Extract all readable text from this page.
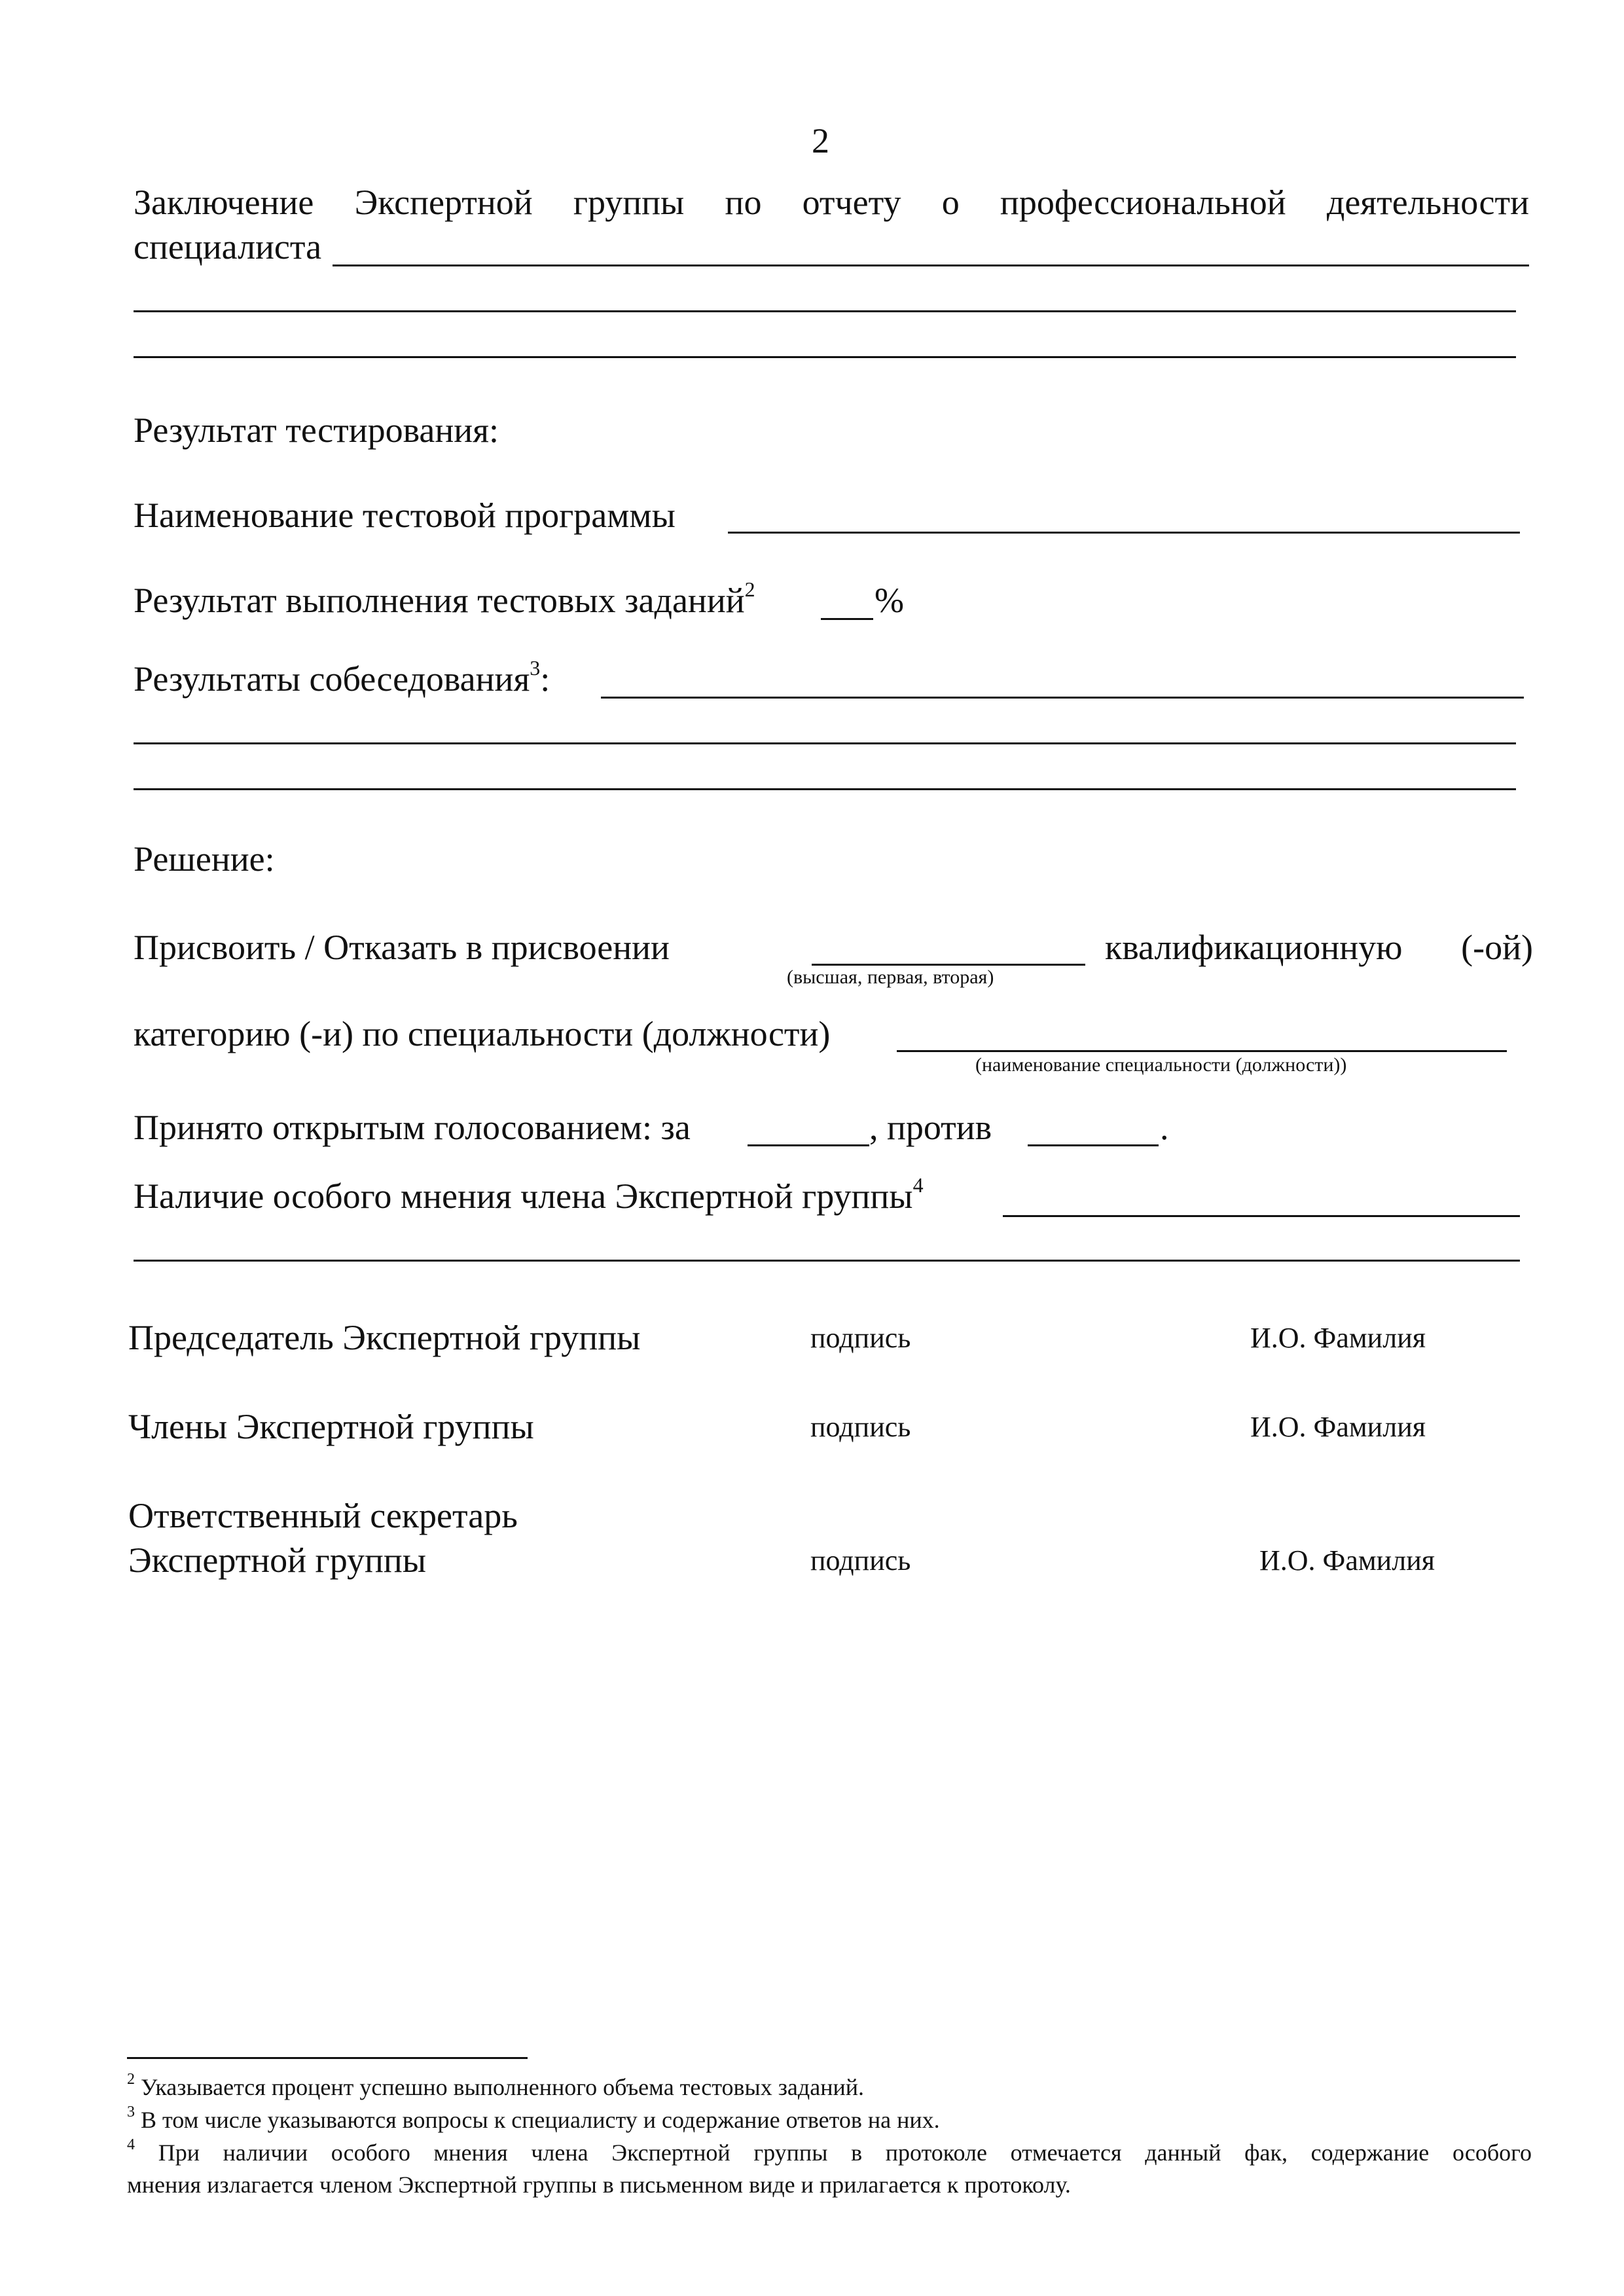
2
Заключение Экспертной группы по отчету о профессиональной деятельности
специалиста
Результат тестирования:
Наименование тестовой программы
Результат выполнения тестовых заданий$^2$	%
Результаты собеседования$^3$:
Решение:
Присвоить / Отказать в присвоении
(высшая, первая, вторая)
квалификационную (-ой)
категорию (-и) по специальности (должности)
(наименование специальности (должности))
Принято открытым голосованием: за	, против	.
Наличие особого мнения члена Экспертной группы$^4$
Председатель Экспертной группы	подпись	И.О. Фамилия
Члены Экспертной группы	подпись	И.О. Фамилия
Ответственный секретарь
Экспертной группы	подпись	И.О. Фамилия
$^2$ Указывается процент успешно выполненного объема тестовых заданий.
$^3$ В том числе указываются вопросы к специалисту и содержание ответов на них.
$^4$ При наличии особого мнения члена Экспертной группы в протоколе отмечается данный фак, содержание особого
мнения излагается членом Экспертной группы в письменном виде и прилагается к протоколу.
